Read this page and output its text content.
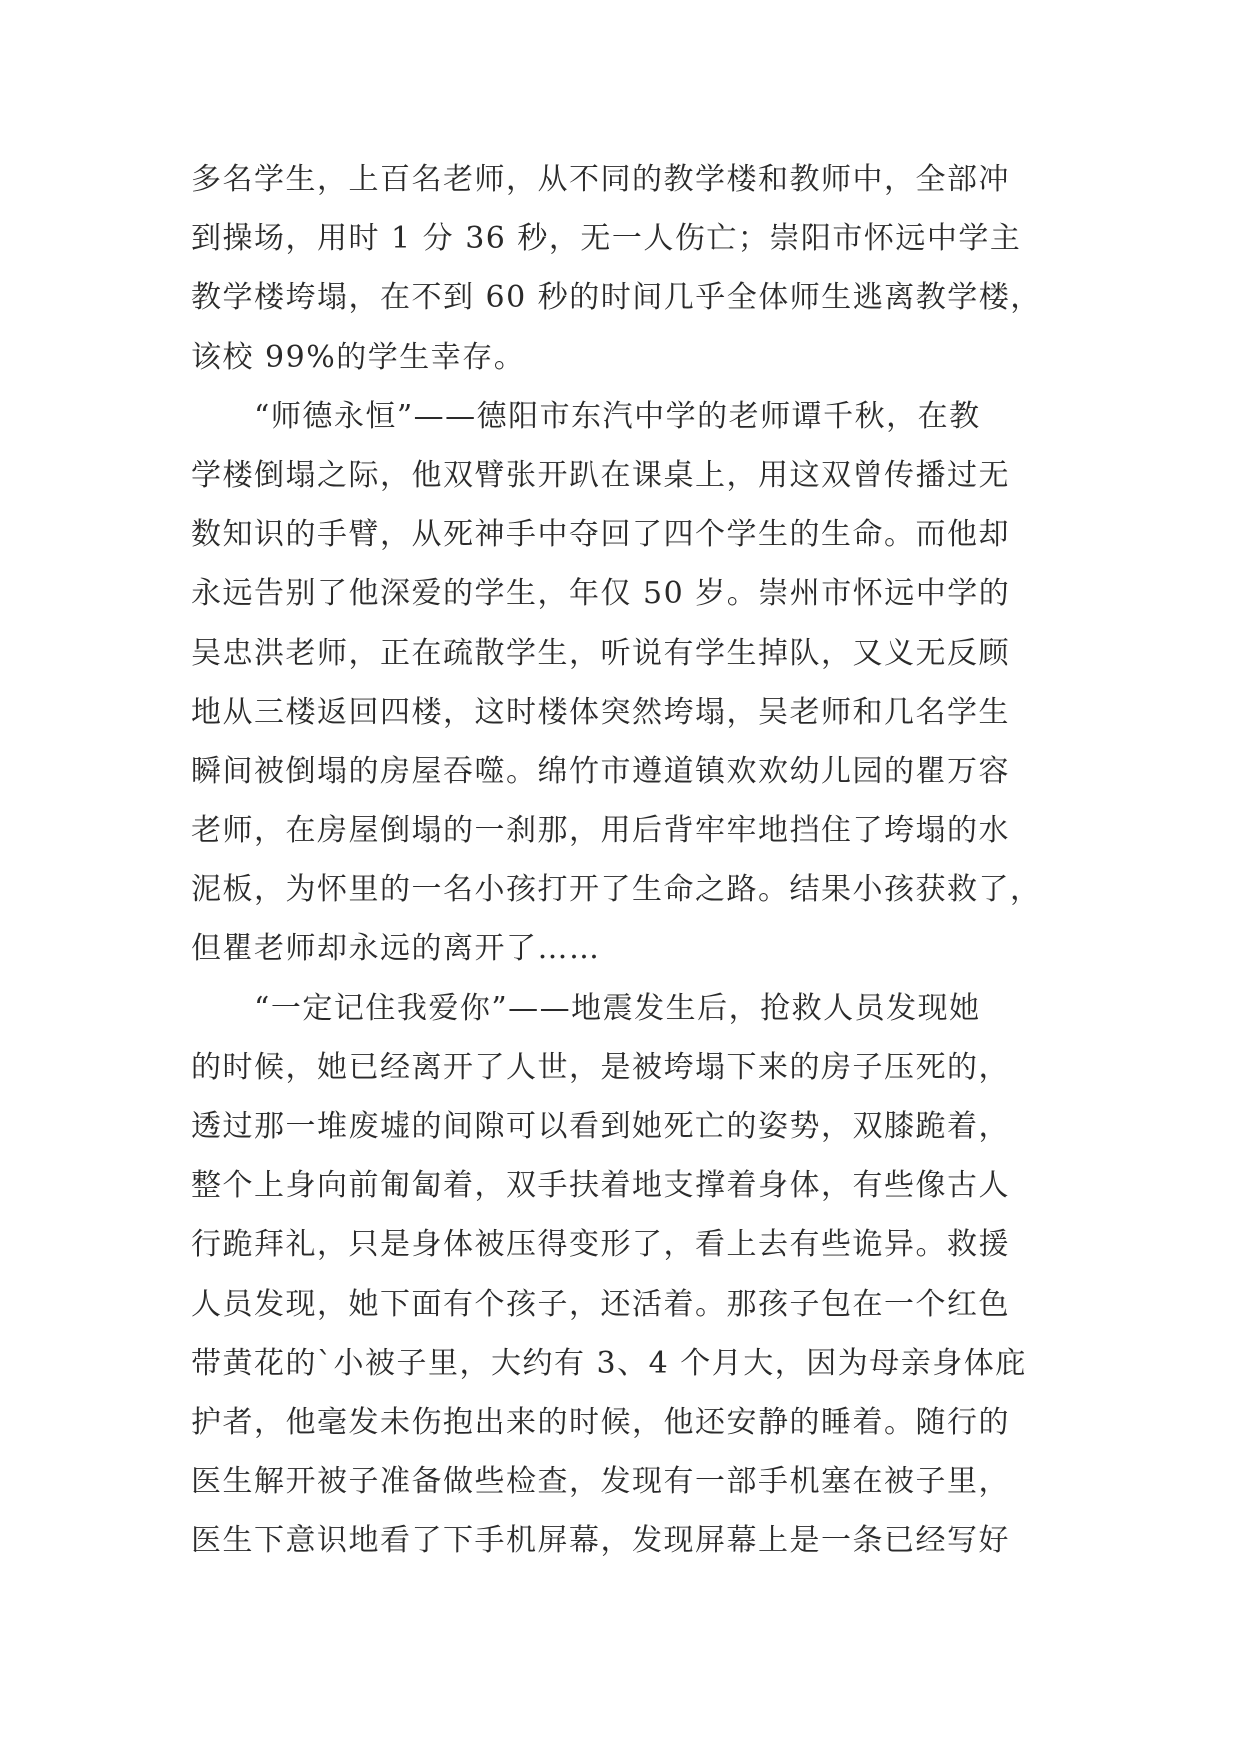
多名学生，上百名老师，从不同的教学楼和教师中，全部冲
到操场，用时 1 分 36 秒，无一人伤亡；崇阳市怀远中学主
教学楼垮塌，在不到 60 秒的时间几乎全体师生逃离教学楼，
该校 99%的学生幸存。

　　“师德永恒”——德阳市东汽中学的老师谭千秋，在教
学楼倒塌之际，他双臂张开趴在课桌上，用这双曾传播过无
数知识的手臂，从死神手中夺回了四个学生的生命。而他却
永远告别了他深爱的学生，年仅 50 岁。崇州市怀远中学的
吴忠洪老师，正在疏散学生，听说有学生掉队，又义无反顾
地从三楼返回四楼，这时楼体突然垮塌，吴老师和几名学生
瞬间被倒塌的房屋吞噬。绵竹市遵道镇欢欢幼儿园的瞿万容
老师，在房屋倒塌的一刹那，用后背牢牢地挡住了垮塌的水
泥板，为怀里的一名小孩打开了生命之路。结果小孩获救了，
但瞿老师却永远的离开了……

　　“一定记住我爱你”——地震发生后，抢救人员发现她
的时候，她已经离开了人世，是被垮塌下来的房子压死的，
透过那一堆废墟的间隙可以看到她死亡的姿势，双膝跪着，
整个上身向前匍匐着，双手扶着地支撑着身体，有些像古人
行跪拜礼，只是身体被压得变形了，看上去有些诡异。救援
人员发现，她下面有个孩子，还活着。那孩子包在一个红色
带黄花的`小被子里，大约有 3、4 个月大，因为母亲身体庇
护者，他毫发未伤抱出来的时候，他还安静的睡着。随行的
医生解开被子准备做些检查，发现有一部手机塞在被子里，
医生下意识地看了下手机屏幕，发现屏幕上是一条已经写好
